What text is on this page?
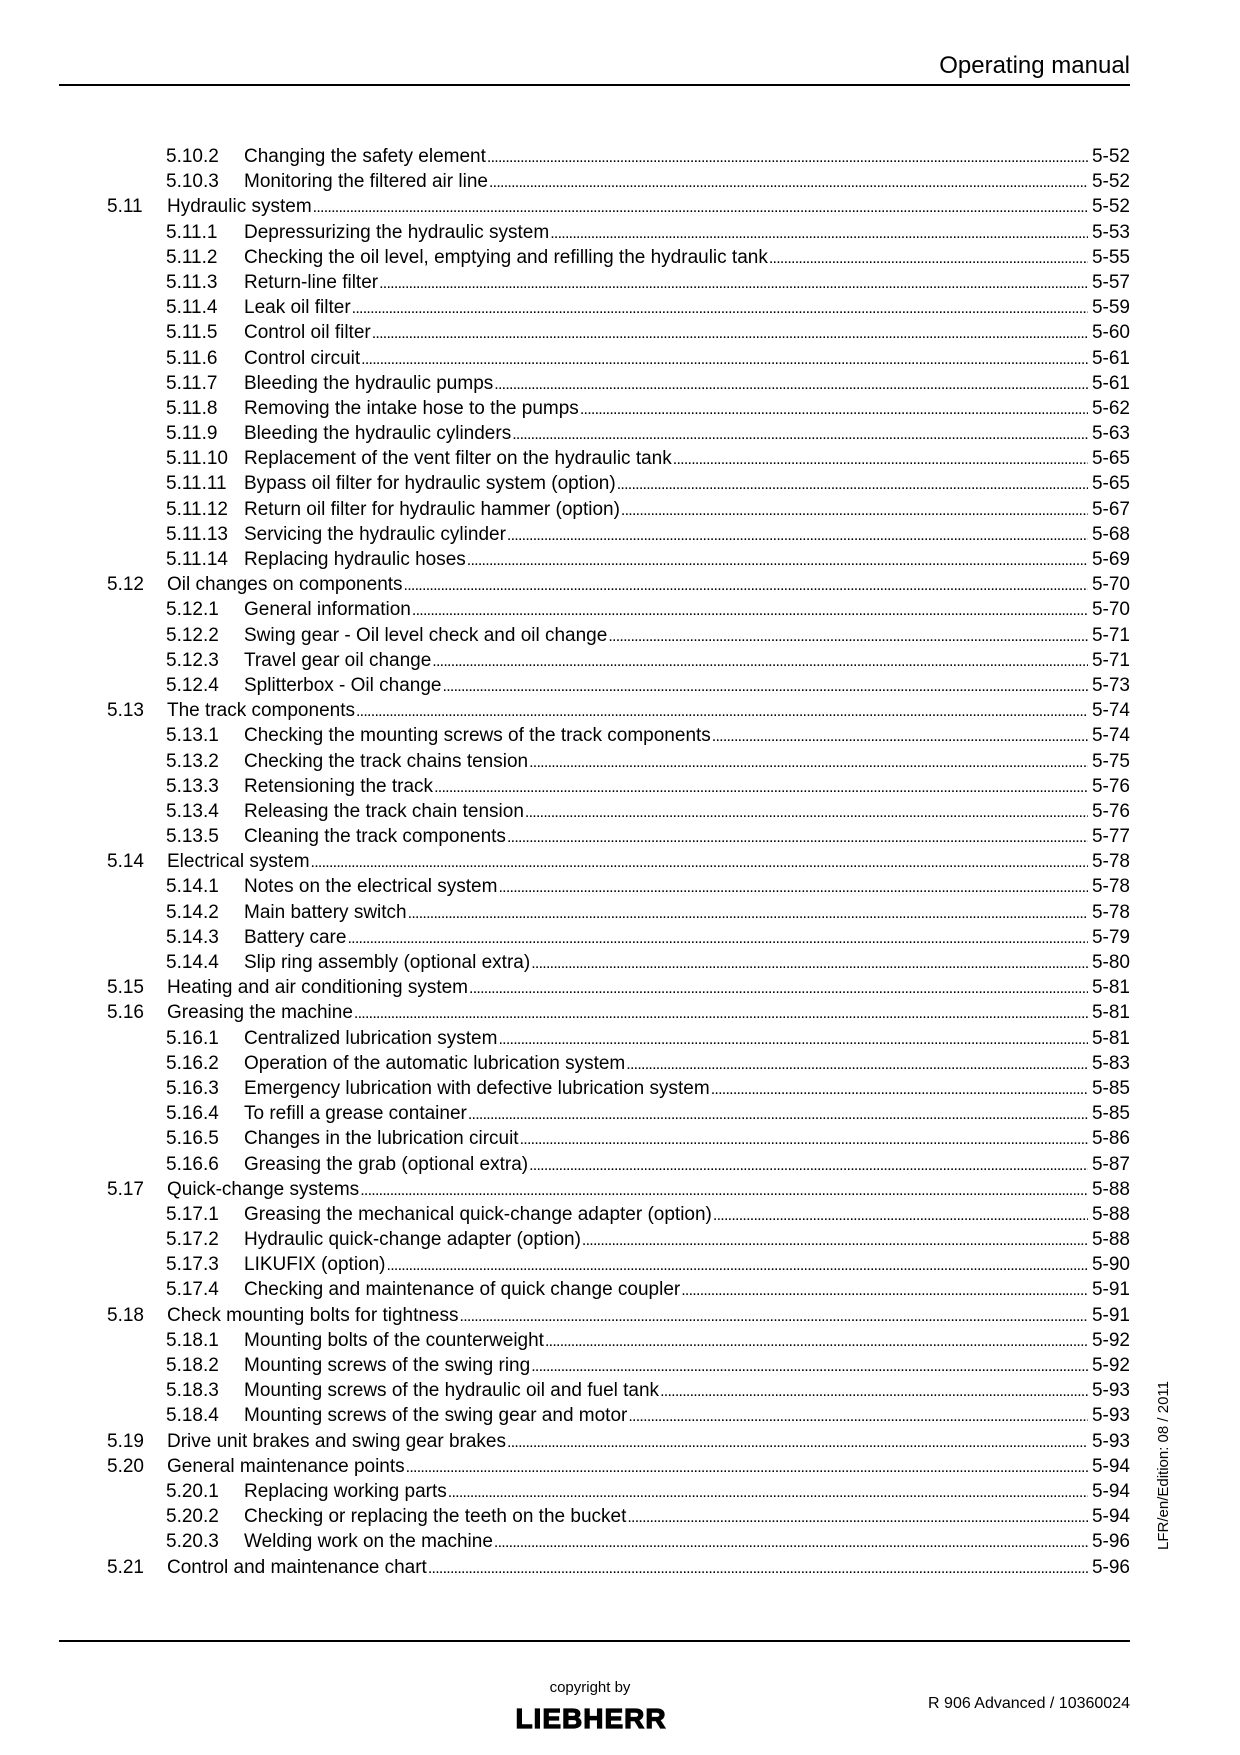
Operating manual
5.10.2 Changing the safety element . . .	5-52
5.10.3 Monitoring the filtered air line . . .	5-52
5.11 Hydraulic system . . .	5-52
5.11.1 Depressurizing the hydraulic system . . .	5-53
5.11.2 Checking the oil level, emptying and refilling the hydraulic tank . . .	5-55
5.11.3 Return-line filter . . .	5-57
5.11.4 Leak oil filter . . .	5-59
5.11.5 Control oil filter . . .	5-60
5.11.6 Control circuit . . .	5-61
5.11.7 Bleeding the hydraulic pumps . . .	5-61
5.11.8 Removing the intake hose to the pumps . . .	5-62
5.11.9 Bleeding the hydraulic cylinders . . .	5-63
5.11.10 Replacement of the vent filter on the hydraulic tank . . .	5-65
5.11.11 Bypass oil filter for hydraulic system (option) . . .	5-65
5.11.12 Return oil filter for hydraulic hammer (option) . . .	5-67
5.11.13 Servicing the hydraulic cylinder . . .	5-68
5.11.14 Replacing hydraulic hoses . . .	5-69
5.12 Oil changes on components . . .	5-70
5.12.1 General information . . .	5-70
5.12.2 Swing gear - Oil level check and oil change . . .	5-71
5.12.3 Travel gear oil change . . .	5-71
5.12.4 Splitterbox - Oil change . . .	5-73
5.13 The track components . . .	5-74
5.13.1 Checking the mounting screws of the track components . . .	5-74
5.13.2 Checking the track chains tension . . .	5-75
5.13.3 Retensioning the track . . .	5-76
5.13.4 Releasing the track chain tension . . .	5-76
5.13.5 Cleaning the track components . . .	5-77
5.14 Electrical system . . .	5-78
5.14.1 Notes on the electrical system . . .	5-78
5.14.2 Main battery switch . . .	5-78
5.14.3 Battery care . . .	5-79
5.14.4 Slip ring assembly (optional extra) . . .	5-80
5.15 Heating and air conditioning system . . .	5-81
5.16 Greasing the machine . . .	5-81
5.16.1 Centralized lubrication system . . .	5-81
5.16.2 Operation of the automatic lubrication system . . .	5-83
5.16.3 Emergency lubrication with defective lubrication system . . .	5-85
5.16.4 To refill a grease container . . .	5-85
5.16.5 Changes in the lubrication circuit . . .	5-86
5.16.6 Greasing the grab (optional extra) . . .	5-87
5.17 Quick-change systems . . .	5-88
5.17.1 Greasing the mechanical quick-change adapter (option) . . .	5-88
5.17.2 Hydraulic quick-change adapter (option) . . .	5-88
5.17.3 LIKUFIX (option) . . .	5-90
5.17.4 Checking and maintenance of quick change coupler . . .	5-91
5.18 Check mounting bolts for tightness . . .	5-91
5.18.1 Mounting bolts of the counterweight . . .	5-92
5.18.2 Mounting screws of the swing ring . . .	5-92
5.18.3 Mounting screws of the hydraulic oil and fuel tank . . .	5-93
5.18.4 Mounting screws of the swing gear and motor . . .	5-93
5.19 Drive unit brakes and swing gear brakes . . .	5-93
5.20 General maintenance points . . .	5-94
5.20.1 Replacing working parts . . .	5-94
5.20.2 Checking or replacing the teeth on the bucket . . .	5-94
5.20.3 Welding work on the machine . . .	5-96
5.21 Control and maintenance chart . . .	5-96
LFR/en/Edition: 08 / 2011
copyright by
LIEBHERR	R 906 Advanced / 10360024
